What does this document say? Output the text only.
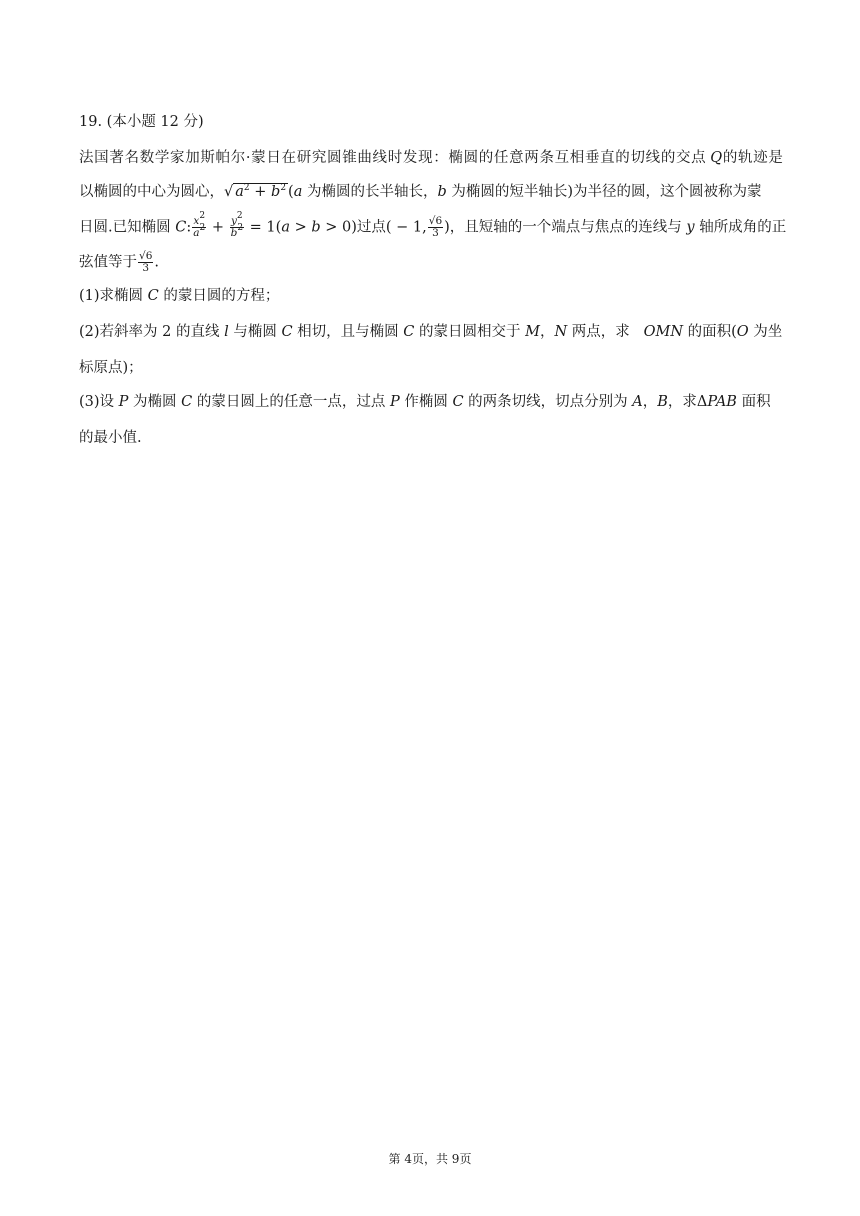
19. (本小题 12 分)
法 国 著 名 数 学 家 加 斯 帕 尔 · 蒙 日 在 研 究 圆 锥 曲 线 时 发 现 ： 椭 圆 的 任 意 两 条 互 相 垂 直 的 切 线 的 交 点 Q 的 轨 迹 是
以椭圆的中心为圆心，√ $a^2 + b^2$ (a 为椭圆的长半轴长，b 为椭圆的短半轴长)为半径的圆，这个圆被称为蒙
日圆.已知椭圆 C: $\frac{x^2}{a^2} + \frac{y^2}{b^2} = 1(a > b > 0)$过点( − 1, $\frac{√6}{3}$ )，且短轴的一个端点与焦点的连线与 y 轴所成角的正
弦值等于 $\frac{√6}{3}$ .
(1)求椭圆 C 的蒙日圆的方程；
(2)若斜率为 2 的直线 l 与椭圆 C 相切，且与椭圆 C 的蒙日圆相交于 M，N 两点，求   OMN 的面积(O 为坐
标原点)；
(3)设 P 为椭圆 C 的蒙日圆上的任意一点，过点 P 作椭圆 C 的两条切线，切点分别为 A，B，求ΔPAB 面积
的最小值.
第 4页，共 9页
